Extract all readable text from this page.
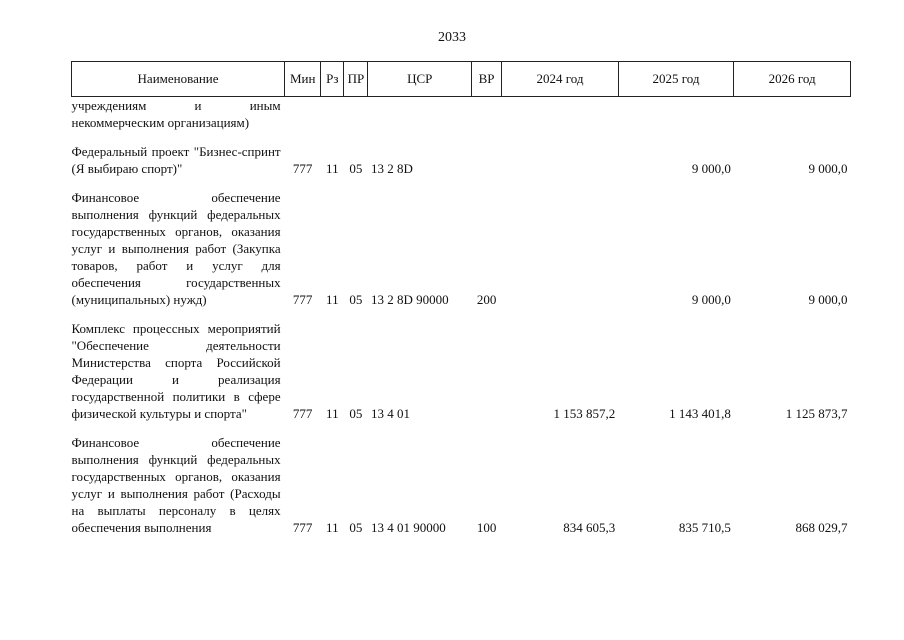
2033
Наименование	Мин	Рз	ПР	ЦСР	ВР	2024 год	2025 год	2026 год
учреждениям и иным некоммерческим организациям)								

Федеральный проект "Бизнес-спринт (Я выбираю спорт)"	777	11	05	13 2 8D			9 000,0	9 000,0

Финансовое обеспечение выполнения функций федеральных государственных органов, оказания услуг и выполнения работ (Закупка товаров, работ и услуг для обеспечения государственных (муниципальных) нужд)	777	11	05	13 2 8D 90000	200		9 000,0	9 000,0

Комплекс процессных мероприятий "Обеспечение деятельности Министерства спорта Российской Федерации и реализация государственной политики в сфере физической культуры и спорта"	777	11	05	13 4 01		1 153 857,2	1 143 401,8	1 125 873,7

Финансовое обеспечение выполнения функций федеральных государственных органов, оказания услуг и выполнения работ (Расходы на выплаты персоналу в целях обеспечения выполнения	777	11	05	13 4 01 90000	100	834 605,3	835 710,5	868 029,7
